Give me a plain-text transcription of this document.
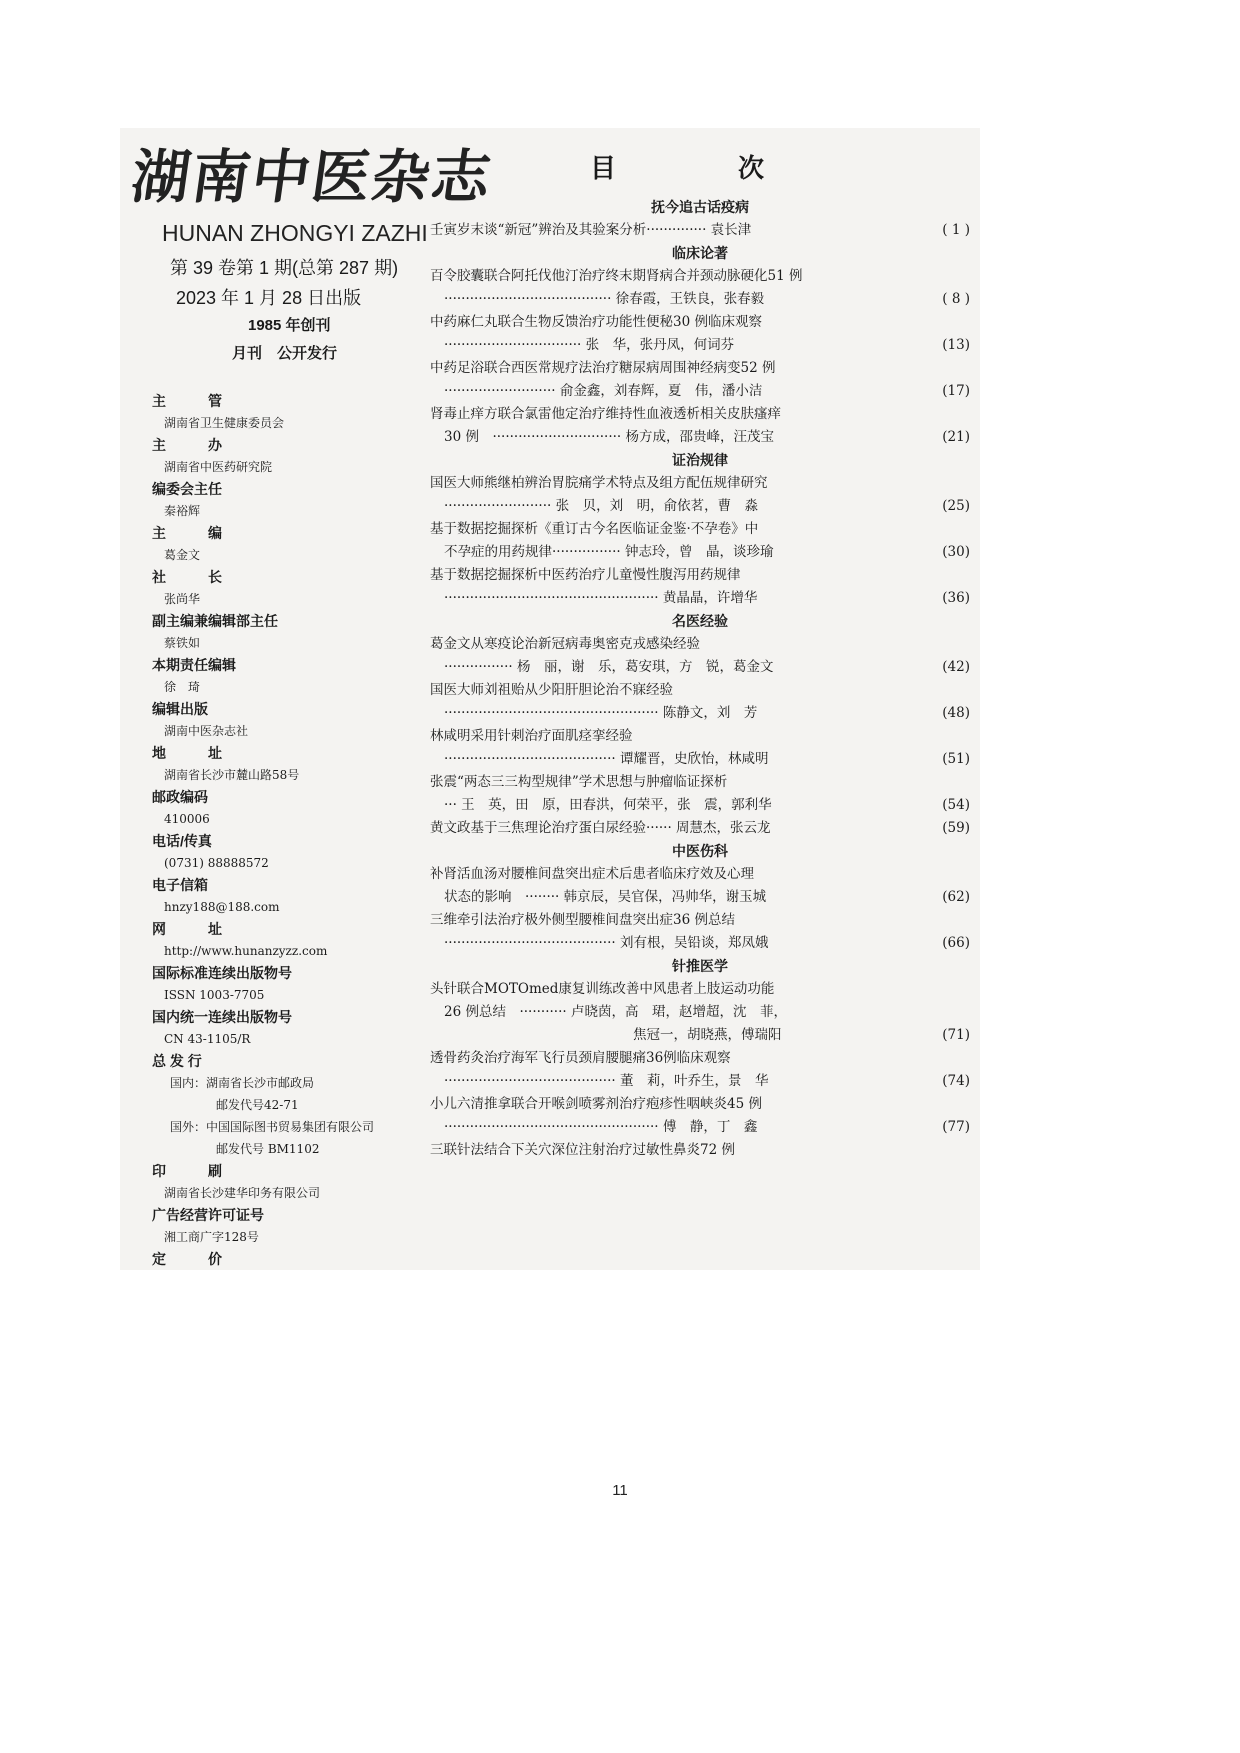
湖南中医杂志
HUNAN ZHONGYI ZAZHI
第 39 卷第 1 期(总第 287 期)
2023 年 1 月 28 日出版
1985 年创刊
月刊　公开发行
主　管
湖南省卫生健康委员会
主　办
湖南省中医药研究院
编委会主任
秦裕辉
主　编
葛金文
社　长
张尚华
副主编兼编辑部主任
蔡铁如
本期责任编辑
徐　琦
编辑出版
湖南中医杂志社
地　址
湖南省长沙市麓山路58号
邮政编码
410006
电话/传真
(0731) 88888572
电子信箱
hnzy188@188.com
网　址
http://www.hunanzyzz.com
国际标准连续出版物号
ISSN 1003-7705
国内统一连续出版物号
CN 43-1105/R
总 发 行
国内：湖南省长沙市邮政局
邮发代号42-71
国外：中国国际图书贸易集团有限公司
邮发代号 BM1102
印　刷
湖南省长沙建华印务有限公司
广告经营许可证号
湘工商广字128号
定　价
目　次
抚今追古话疫病
( 1 )
壬寅岁末谈“新冠”辨治及其验案分析·············· 袁长津
临床论著
百令胶囊联合阿托伐他汀治疗终末期肾病合并颈动脉硬化51 例
( 8 )
······································· 徐春霞，王铁良，张春毅
中药麻仁丸联合生物反馈治疗功能性便秘30 例临床观察
(13)
································ 张　华，张丹凤，何词芬
中药足浴联合西医常规疗法治疗糖尿病周围神经病变52 例
(17)
·························· 俞金鑫，刘春辉，夏　伟，潘小洁
肾毒止痒方联合氯雷他定治疗维持性血液透析相关皮肤瘙痒
(21)
30 例　······························ 杨方成，邵贵峰，汪茂宝
证治规律
国医大师熊继柏辨治胃脘痛学术特点及组方配伍规律研究
(25)
························· 张　贝，刘　明，俞依茗，曹　淼
基于数据挖掘探析《重订古今名医临证金鉴·不孕卷》中
(30)
不孕症的用药规律················ 钟志玲，曾　晶，谈珍瑜
基于数据挖掘探析中医药治疗儿童慢性腹泻用药规律
(36)
·················································· 黄晶晶，许增华
名医经验
葛金文从寒疫论治新冠病毒奥密克戎感染经验
(42)
················ 杨　丽，谢　乐，葛安琪，方　锐，葛金文
国医大师刘祖贻从少阳肝胆论治不寐经验
(48)
·················································· 陈静文，刘　芳
林咸明采用针刺治疗面肌痉挛经验
(51)
········································ 谭耀晋，史欣怡，林咸明
张震“两态三三构型规律”学术思想与肿瘤临证探析
(54)
··· 王　英，田　原，田春洪，何荣平，张　震，郭利华
(59)
黄文政基于三焦理论治疗蛋白尿经验······ 周慧杰，张云龙
中医伤科
补肾活血汤对腰椎间盘突出症术后患者临床疗效及心理
(62)
状态的影响　········ 韩京辰，吴官保，冯帅华，谢玉城
三维牵引法治疗极外侧型腰椎间盘突出症36 例总结
(66)
········································ 刘有根，吴铅谈，郑凤娥
针推医学
头针联合MOTOmed康复训练改善中风患者上肢运动功能
26 例总结　··········· 卢晓茵，高　珺，赵增超，沈　菲，
(71)
　　　　　　　　　　　　　　焦冠一，胡晓燕，傅瑞阳
透骨药灸治疗海军飞行员颈肩腰腿痛36例临床观察
(74)
········································ 董　莉，叶乔生，景　华
小儿六清推拿联合开喉剑喷雾剂治疗疱疹性咽峡炎45 例
(77)
·················································· 傅　静，丁　鑫
三联针法结合下关穴深位注射治疗过敏性鼻炎72 例
11
